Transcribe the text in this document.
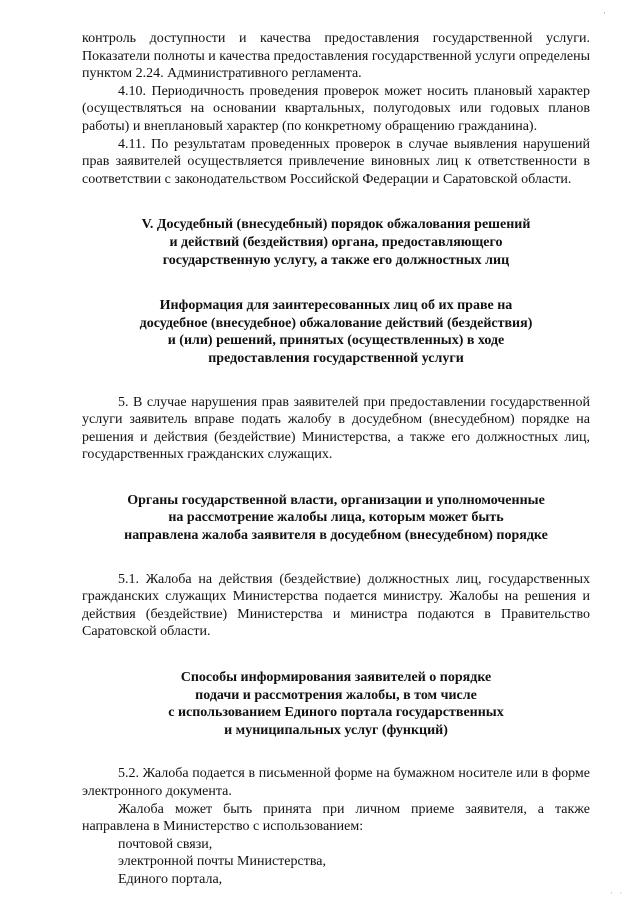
·

контроль доступности и качества предоставления государственной услуги. Показатели полноты и качества предоставления государственной услуги определены пунктом 2.24. Административного регламента.

4.10. Периодичность проведения проверок может носить плановый характер (осуществляться на основании квартальных, полугодовых или годовых планов работы) и внеплановый характер (по конкретному обращению гражданина).

4.11. По результатам проведенных проверок в случае выявления нарушений прав заявителей осуществляется привлечение виновных лиц к ответственности в соответствии с законодательством Российской Федерации и Саратовской области.

V. Досудебный (внесудебный) порядок обжалования решений
и действий (бездействия) органа, предоставляющего
государственную услугу, а также его должностных лиц
Информация для заинтересованных лиц об их праве на
досудебное (внесудебное) обжалование действий (бездействия)
и (или) решений, принятых (осуществленных) в ходе
предоставления государственной услуги

5. В случае нарушения прав заявителей при предоставлении государственной услуги заявитель вправе подать жалобу в досудебном (внесудебном) порядке на решения и действия (бездействие) Министерства, а также его должностных лиц, государственных гражданских служащих.

Органы государственной власти, организации и уполномоченные
на рассмотрение жалобы лица, которым может быть
направлена жалоба заявителя в досудебном (внесудебном) порядке

5.1. Жалоба на действия (бездействие) должностных лиц, государственных гражданских служащих Министерства подается министру. Жалобы на решения и действия (бездействие) Министерства и министра подаются в Правительство Саратовской области.

Способы информирования заявителей о порядке
подачи и рассмотрения жалобы, в том числе
с использованием Единого портала государственных
и муниципальных услуг (функций)

5.2. Жалоба подается в письменной форме на бумажном носителе или в форме электронного документа.

Жалоба может быть принята при личном приеме заявителя, а также направлена в Министерство с использованием:

почтовой связи,

электронной почты Министерства,

Единого портала,

· ·
